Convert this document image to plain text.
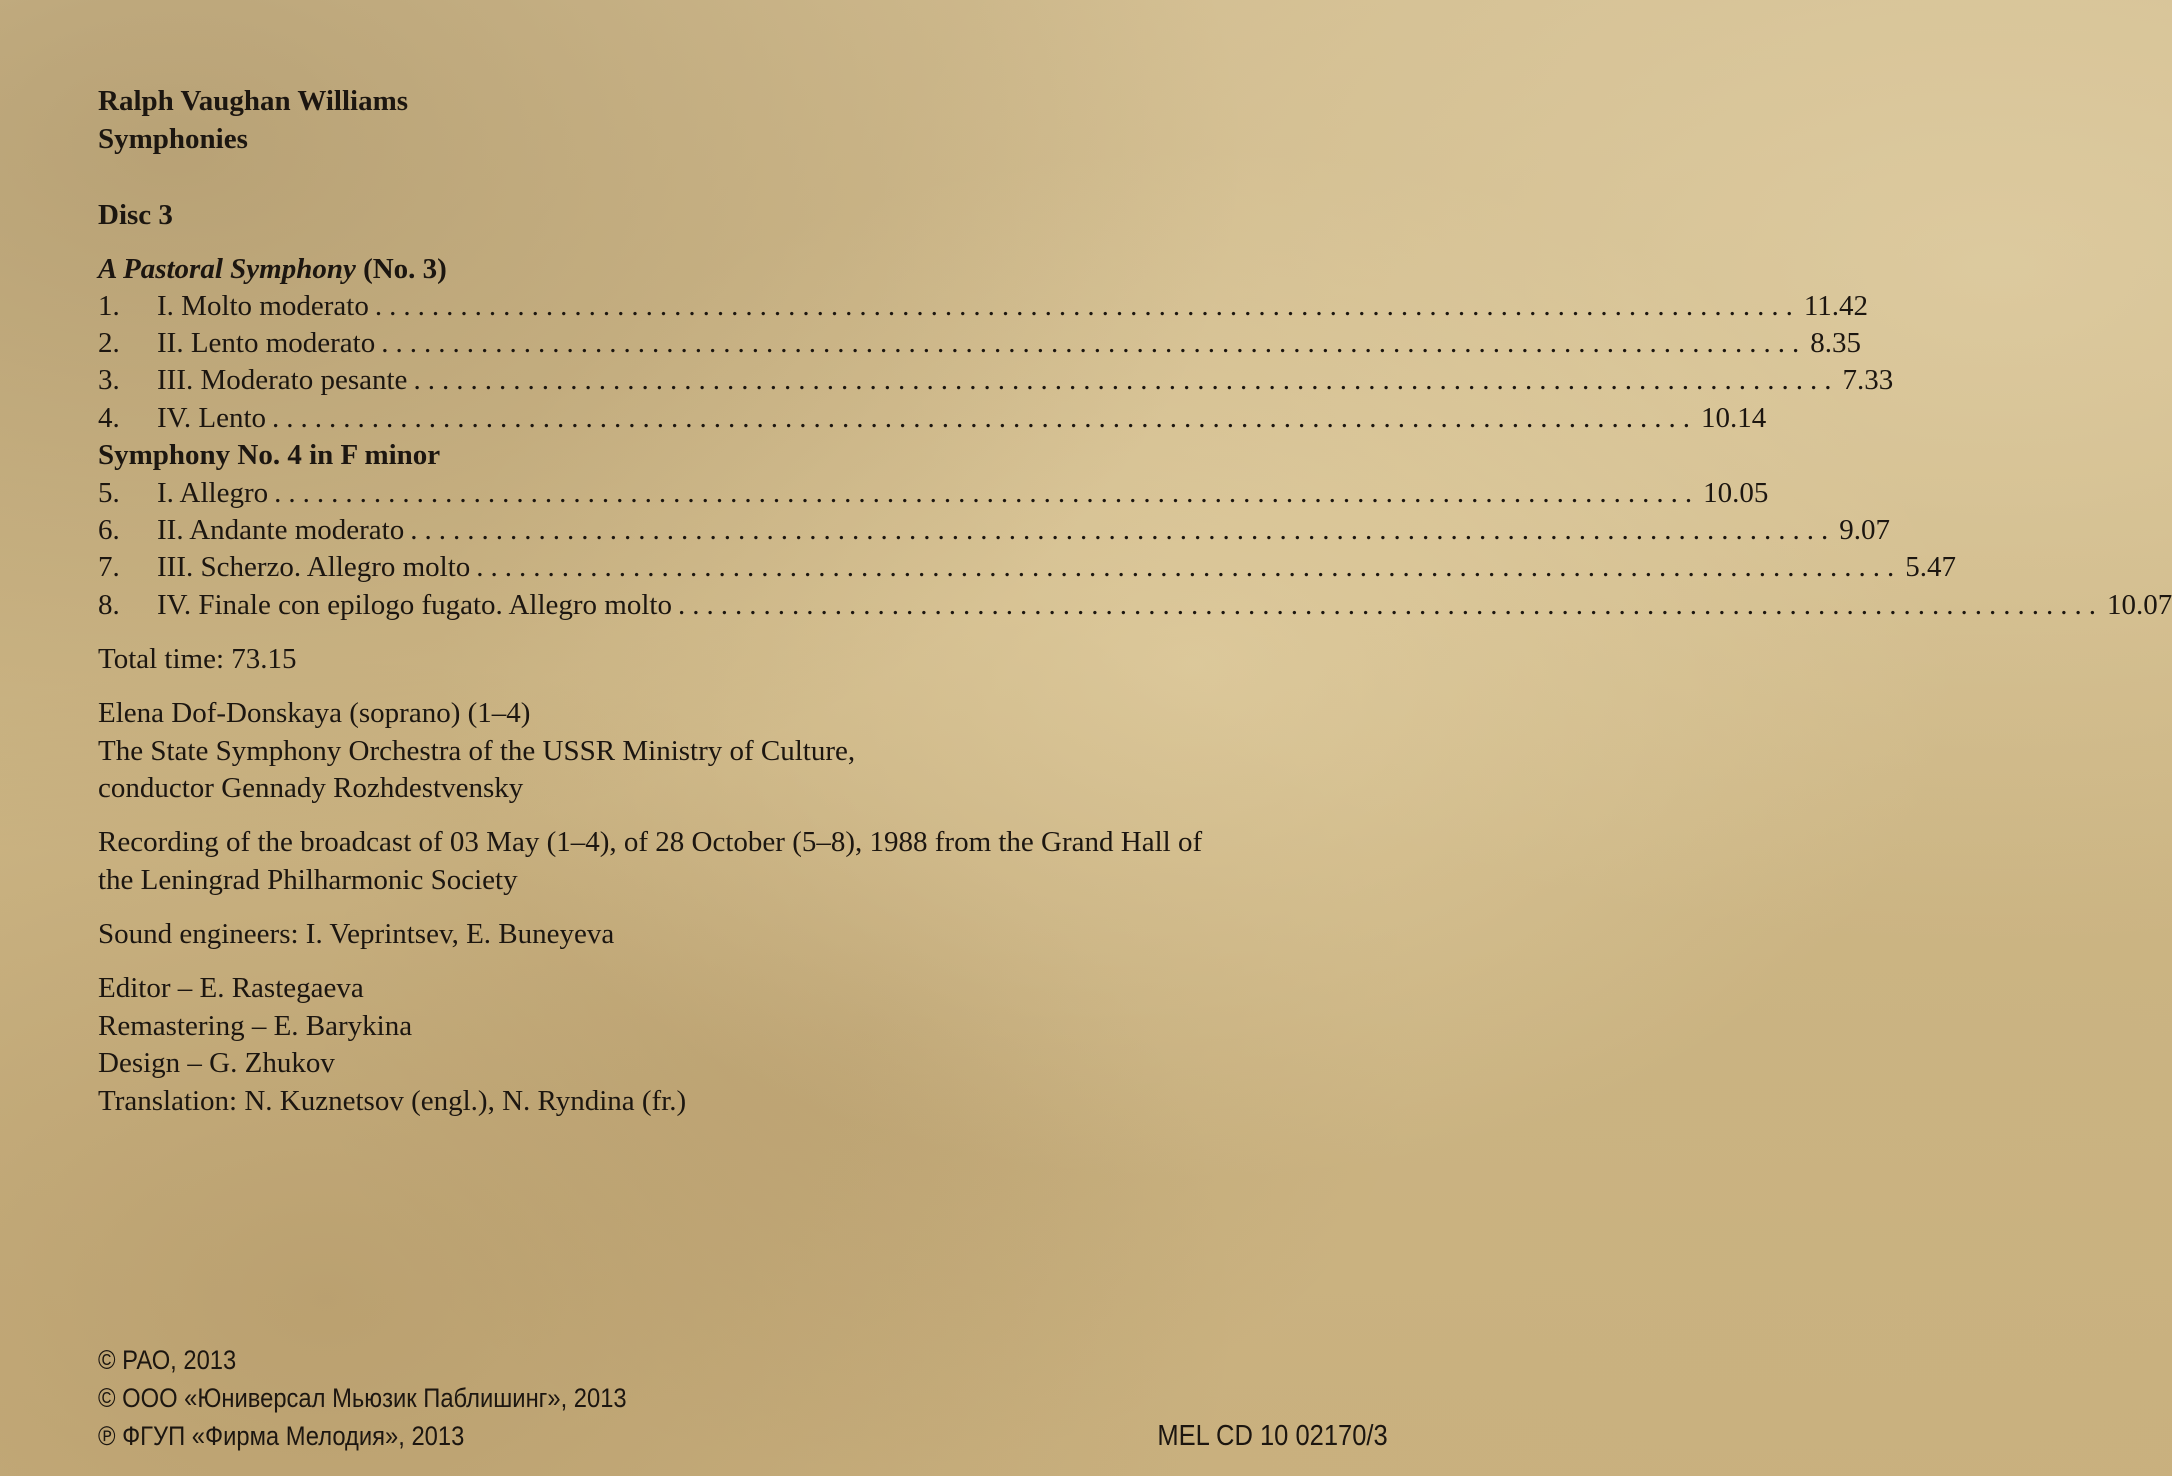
Ralph Vaughan Williams
Symphonies
Disc 3
A Pastoral Symphony (No. 3)
1.	I. Molto moderato .................................................................................................... 11.42
2.	II. Lento moderato .................................................................................................... 8.35
3.	III. Moderato pesante .................................................................................................... 7.33
4.	IV. Lento .................................................................................................... 10.14
Symphony No. 4 in F minor
5.	I. Allegro .................................................................................................... 10.05
6.	II. Andante moderato .................................................................................................... 9.07
7.	III. Scherzo. Allegro molto .................................................................................................... 5.47
8.	IV. Finale con epilogo fugato. Allegro molto .................................................................................................... 10.07
Total time: 73.15
Elena Dof-Donskaya (soprano) (1–4)
The State Symphony Orchestra of the USSR Ministry of Culture,
conductor Gennady Rozhdestvensky
Recording of the broadcast of 03 May (1–4), of 28 October (5–8), 1988 from the Grand Hall of
the Leningrad Philharmonic Society
Sound engineers: I. Veprintsev, E. Buneyeva
Editor – E. Rastegaeva
Remastering – E. Barykina
Design – G. Zhukov
Translation: N. Kuznetsov (engl.), N. Ryndina (fr.)
© РАО, 2013
© ООО «Юниверсал Мьюзик Паблишинг», 2013
℗ ФГУП «Фирма Мелодия», 2013	MEL CD 10 02170/3
